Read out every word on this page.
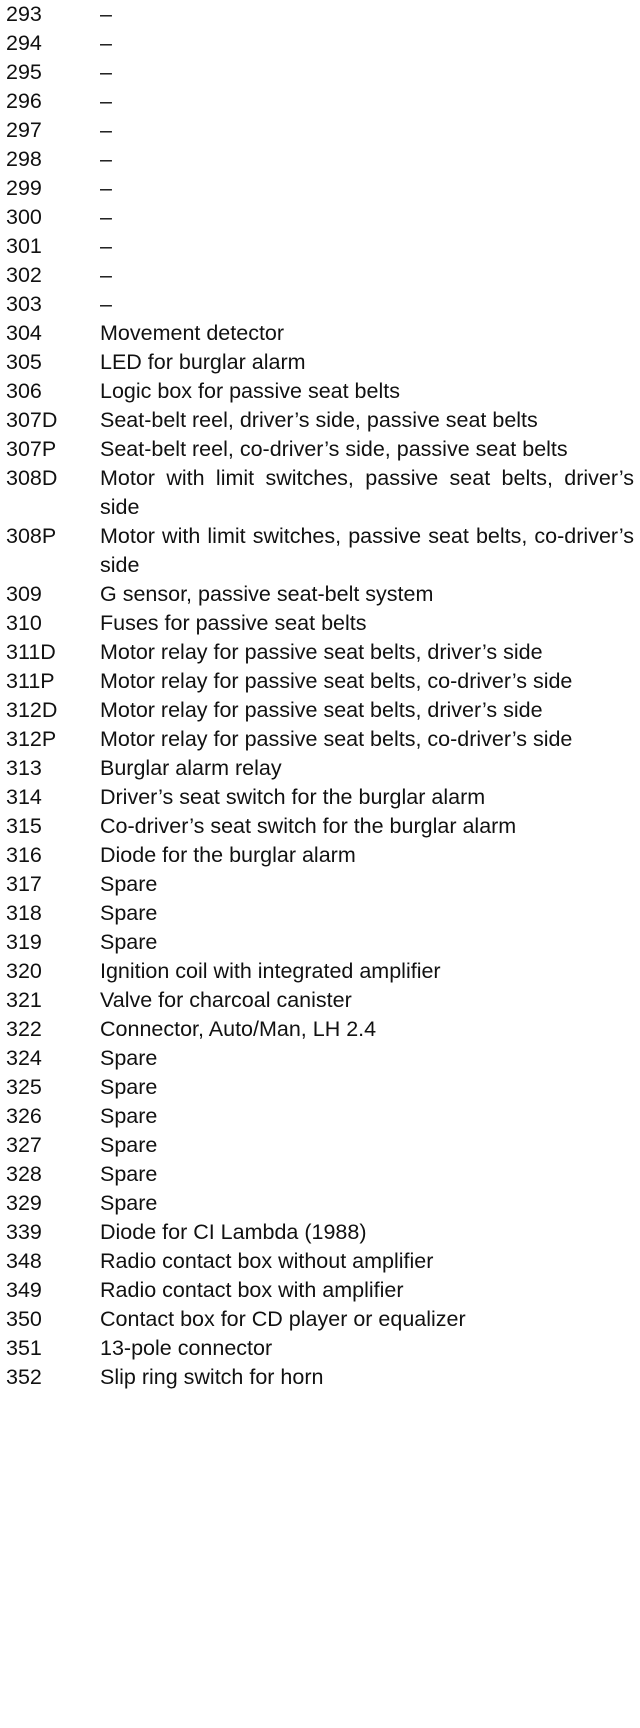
293	–
294	–
295	–
296	–
297	–
298	–
299	–
300	–
301	–
302	–
303	–
304	Movement detector
305	LED for burglar alarm
306	Logic box for passive seat belts
307D	Seat-belt reel, driver’s side, passive seat belts
307P	Seat-belt reel, co-driver’s side, passive seat belts
308D	Motor with limit switches, passive seat belts, driver’s side
308P	Motor with limit switches, passive seat belts, co-driver’s side
309	G sensor, passive seat-belt system
310	Fuses for passive seat belts
311D	Motor relay for passive seat belts, driver’s side
311P	Motor relay for passive seat belts, co-driver’s side
312D	Motor relay for passive seat belts, driver’s side
312P	Motor relay for passive seat belts, co-driver’s side
313	Burglar alarm relay
314	Driver’s seat switch for the burglar alarm
315	Co-driver’s seat switch for the burglar alarm
316	Diode for the burglar alarm
317	Spare
318	Spare
319	Spare
320	Ignition coil with integrated amplifier
321	Valve for charcoal canister
322	Connector, Auto/Man, LH 2.4
324	Spare
325	Spare
326	Spare
327	Spare
328	Spare
329	Spare
339	Diode for CI Lambda (1988)
348	Radio contact box without amplifier
349	Radio contact box with amplifier
350	Contact box for CD player or equalizer
351	13-pole connector
352	Slip ring switch for horn
